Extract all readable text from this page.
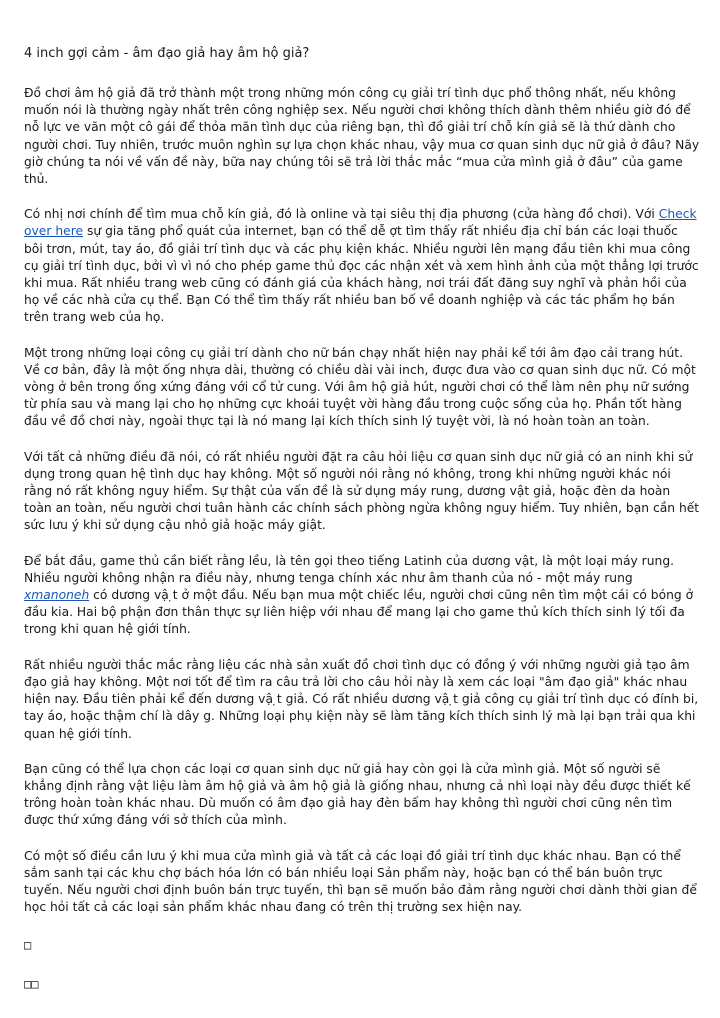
4 inch gợi cảm - âm đạo giả hay âm hộ giả?

Đồ chơi âm hộ giả đã trở thành một trong những món công cụ giải trí tình dục phổ thông nhất, nếu không muốn nói là thường ngày nhất trên công nghiệp sex. Nếu người chơi không thích dành thêm nhiều giờ đó để nỗ lực ve vãn một cô gái để thỏa mãn tình dục của riêng bạn, thì đồ giải trí chỗ kín giả sẽ là thứ dành cho người chơi. Tuy nhiên, trước muôn nghìn sự lựa chọn khác nhau, vậy mua cơ quan sinh dục nữ giả ở đâu? Nãy giờ chúng ta nói về vấn đề này, bữa nay chúng tôi sẽ trả lời thắc mắc “mua cửa mình giả ở đâu” của game thủ.

Có nhị nơi chính để tìm mua chỗ kín giả, đó là online và tại siêu thị địa phương (cửa hàng đồ chơi). Với Check over here sự gia tăng phổ quát của internet, bạn có thể dễ ợt tìm thấy rất nhiều địa chỉ bán các loại thuốc bôi trơn, mút, tay áo, đồ giải trí tình dục và các phụ kiện khác. Nhiều người lên mạng đầu tiên khi mua công cụ giải trí tình dục, bởi vì vì nó cho phép game thủ đọc các nhận xét và xem hình ảnh của một thẳng lợi trước khi mua. Rất nhiều trang web cũng có đánh giá của khách hàng, nơi trái đất đăng suy nghĩ và phản hồi của họ về các nhà cửa cụ thể. Bạn Có thể tìm thấy rất nhiều ban bố về doanh nghiệp và các tác phẩm họ bán trên trang web của họ.

Một trong những loại công cụ giải trí dành cho nữ bán chạy nhất hiện nay phải kể tới âm đạo cải trang hút. Về cơ bản, đây là một ống nhựa dài, thường có chiều dài vài inch, được đưa vào cơ quan sinh dục nữ. Có một vòng ở bên trong ống xứng đáng với cổ tử cung. Với âm hộ giả hút, người chơi có thể làm nên phụ nữ sướng từ phía sau và mang lại cho họ những cực khoái tuyệt vời hàng đầu trong cuộc sống của họ. Phần tốt hàng đầu về đồ chơi này, ngoài thực tại là nó mang lại kích thích sinh lý tuyệt vời, là nó hoàn toàn an toàn.

Với tất cả những điều đã nói, có rất nhiều người đặt ra câu hỏi liệu cơ quan sinh dục nữ giả có an ninh khi sử dụng trong quan hệ tình dục hay không. Một số người nói rằng nó không, trong khi những người khác nói rằng nó rất không nguy hiểm. Sự thật của vấn đề là sử dụng máy rung, dương vật giả, hoặc đèn da hoàn toàn an toàn, nếu người chơi tuân hành các chính sách phòng ngừa không nguy hiểm. Tuy nhiên, bạn cần hết sức lưu ý khi sử dụng cậu nhỏ giả hoặc máy giật.

Để bắt đầu, game thủ cần biết rằng lều, là tên gọi theo tiếng Latinh của dương vật, là một loại máy rung. Nhiều người không nhận ra điều này, nhưng tenga chính xác như âm thanh của nó - một máy rung xmanoneh có dương vậ ̣t ở một đầu. Nếu bạn mua một chiếc lều, người chơi cũng nên tìm một cái có bóng ở đầu kia. Hai bộ phận đơn thân thực sự liên hiệp với nhau để mang lại cho game thủ kích thích sinh lý tối đa trong khi quan hệ giới tính.

Rất nhiều người thắc mắc rằng liệu các nhà sản xuất đồ chơi tình dục có đồng ý với những người giả tạo âm đạo giả hay không. Một nơi tốt để tìm ra câu trả lời cho câu hỏi này là xem các loại "âm đạo giả" khác nhau hiện nay. Đầu tiên phải kể đến dương vậ ̣t giả. Có rất nhiều dương vậ ̣t giả công cụ giải trí tình dục có đính bi, tay áo, hoặc thậm chí là dây g. Những loại phụ kiện này sẽ làm tăng kích thích sinh lý mà lại bạn trải qua khi quan hệ giới tính.

Bạn cũng có thể lựa chọn các loại cơ quan sinh dục nữ giả hay còn gọi là cửa mình giả. Một số người sẽ khẳng định rằng vật liệu làm âm hộ giả và âm hộ giả là giống nhau, nhưng cả nhì loại này đều được thiết kế trông hoàn toàn khác nhau. Dù muốn có âm đạo giả hay đèn bấm hay không thì người chơi cũng nên tìm được thứ xứng đáng với sở thích của mình.

Có một số điều cần lưu ý khi mua cửa mình giả và tất cả các loại đồ giải trí tình dục khác nhau. Bạn có thể sắm sanh tại các khu chợ bách hóa lớn có bán nhiều loại Sản phẩm này, hoặc bạn có thể bán buôn trực tuyến. Nếu người chơi định buôn bán trực tuyến, thì bạn sẽ muốn bảo đảm rằng người chơi dành thời gian để học hỏi tất cả các loại sản phẩm khác nhau đang có trên thị trường sex hiện nay.

□
□□
